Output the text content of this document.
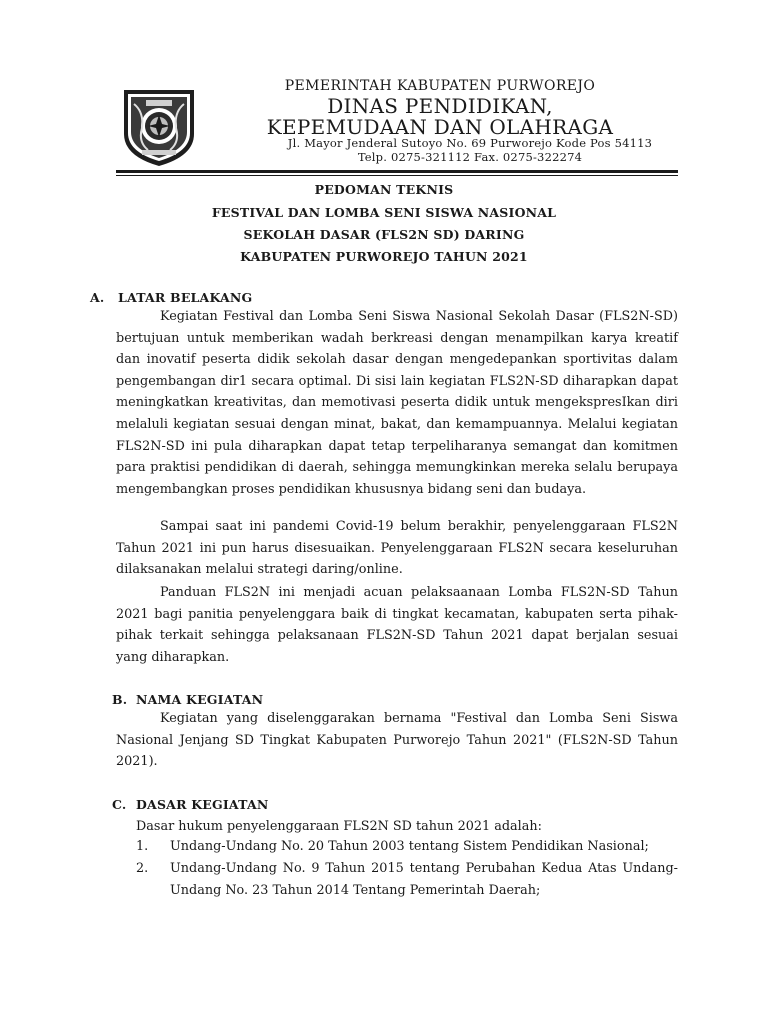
PEMERINTAH KABUPATEN PURWOREJO
DINAS PENDIDIKAN,
KEPEMUDAAN DAN OLAHRAGA
Jl. Mayor Jenderal Sutoyo No. 69 Purworejo Kode Pos 54113
Telp. 0275-321112 Fax. 0275-322274
PEDOMAN TEKNIS
FESTIVAL DAN LOMBA SENI SISWA NASIONAL
SEKOLAH DASAR (FLS2N SD) DARING
KABUPATEN PURWOREJO TAHUN 2021
A. LATAR BELAKANG
Kegiatan Festival dan Lomba Seni Siswa Nasional Sekolah Dasar (FLS2N-SD) bertujuan untuk memberikan wadah berkreasi dengan menampilkan karya kreatif dan inovatif peserta didik sekolah dasar dengan mengedepankan sportivitas dalam pengembangan dir1 secara optimal. Di sisi lain kegiatan FLS2N-SD diharapkan dapat meningkatkan kreativitas, dan memotivasi peserta didik untuk mengekspresIkan diri melaluli kegiatan sesuai dengan minat, bakat, dan kemampuannya. Melalui kegiatan FLS2N-SD ini pula diharapkan dapat tetap terpeliharanya semangat dan komitmen para praktisi pendidikan di daerah, sehingga memungkinkan mereka selalu berupaya mengembangkan proses pendidikan khususnya bidang seni dan budaya.
Sampai saat ini pandemi Covid-19 belum berakhir, penyelenggaraan FLS2N Tahun 2021 ini pun harus disesuaikan. Penyelenggaraan FLS2N secara keseluruhan dilaksanakan melalui strategi daring/online.
Panduan FLS2N ini menjadi acuan pelaksaanaan Lomba FLS2N-SD Tahun 2021 bagi panitia penyelenggara baik di tingkat kecamatan, kabupaten serta pihak-pihak terkait sehingga pelaksanaan FLS2N-SD Tahun 2021 dapat berjalan sesuai yang diharapkan.
B. NAMA KEGIATAN
Kegiatan yang diselenggarakan bernama "Festival dan Lomba Seni Siswa Nasional Jenjang SD Tingkat Kabupaten Purworejo Tahun 2021" (FLS2N-SD Tahun 2021).
C. DASAR KEGIATAN
Dasar hukum penyelenggaraan FLS2N SD tahun 2021 adalah:
1. Undang-Undang No. 20 Tahun 2003 tentang Sistem Pendidikan Nasional;
2. Undang-Undang No. 9 Tahun 2015 tentang Perubahan Kedua Atas Undang-Undang No. 23 Tahun 2014 Tentang Pemerintah Daerah;
